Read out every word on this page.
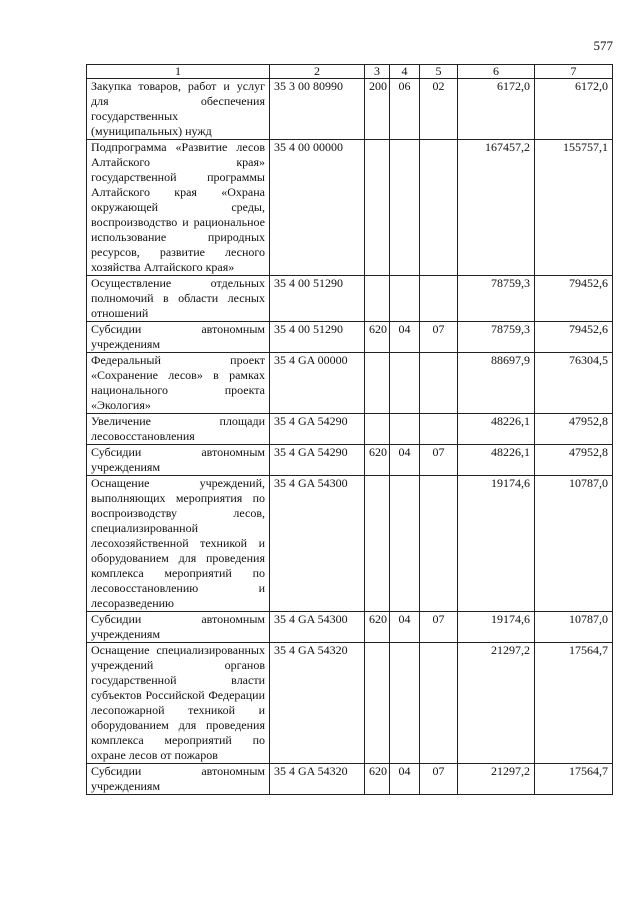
577
1	2	3	4	5	6	7
Закупка товаров, работ и услуг для обеспечения государственных (муниципальных) нужд	35 3 00 80990	200	06	02	6172,0	6172,0
Подпрограмма «Развитие лесов Алтайского края» государственной программы Алтайского края «Охрана окружающей среды, воспроизводство и рациональное использование природных ресурсов, развитие лесного хозяйства Алтайского края»	35 4 00 00000				167457,2	155757,1
Осуществление отдельных полномочий в области лесных отношений	35 4 00 51290				78759,3	79452,6
Субсидии автономным учреждениям	35 4 00 51290	620	04	07	78759,3	79452,6
Федеральный проект «Сохранение лесов» в рамках национального проекта «Экология»	35 4 GA 00000				88697,9	76304,5
Увеличение площади лесовосстановления	35 4 GA 54290				48226,1	47952,8
Субсидии автономным учреждениям	35 4 GA 54290	620	04	07	48226,1	47952,8
Оснащение учреждений, выполняющих мероприятия по воспроизводству лесов, специализированной лесохозяйственной техникой и оборудованием для проведения комплекса мероприятий по лесовосстановлению и лесоразведению	35 4 GA 54300				19174,6	10787,0
Субсидии автономным учреждениям	35 4 GA 54300	620	04	07	19174,6	10787,0
Оснащение специализированных учреждений органов государственной власти субъектов Российской Федерации лесопожарной техникой и оборудованием для проведения комплекса мероприятий по охране лесов от пожаров	35 4 GA 54320				21297,2	17564,7
Субсидии автономным учреждениям	35 4 GA 54320	620	04	07	21297,2	17564,7
